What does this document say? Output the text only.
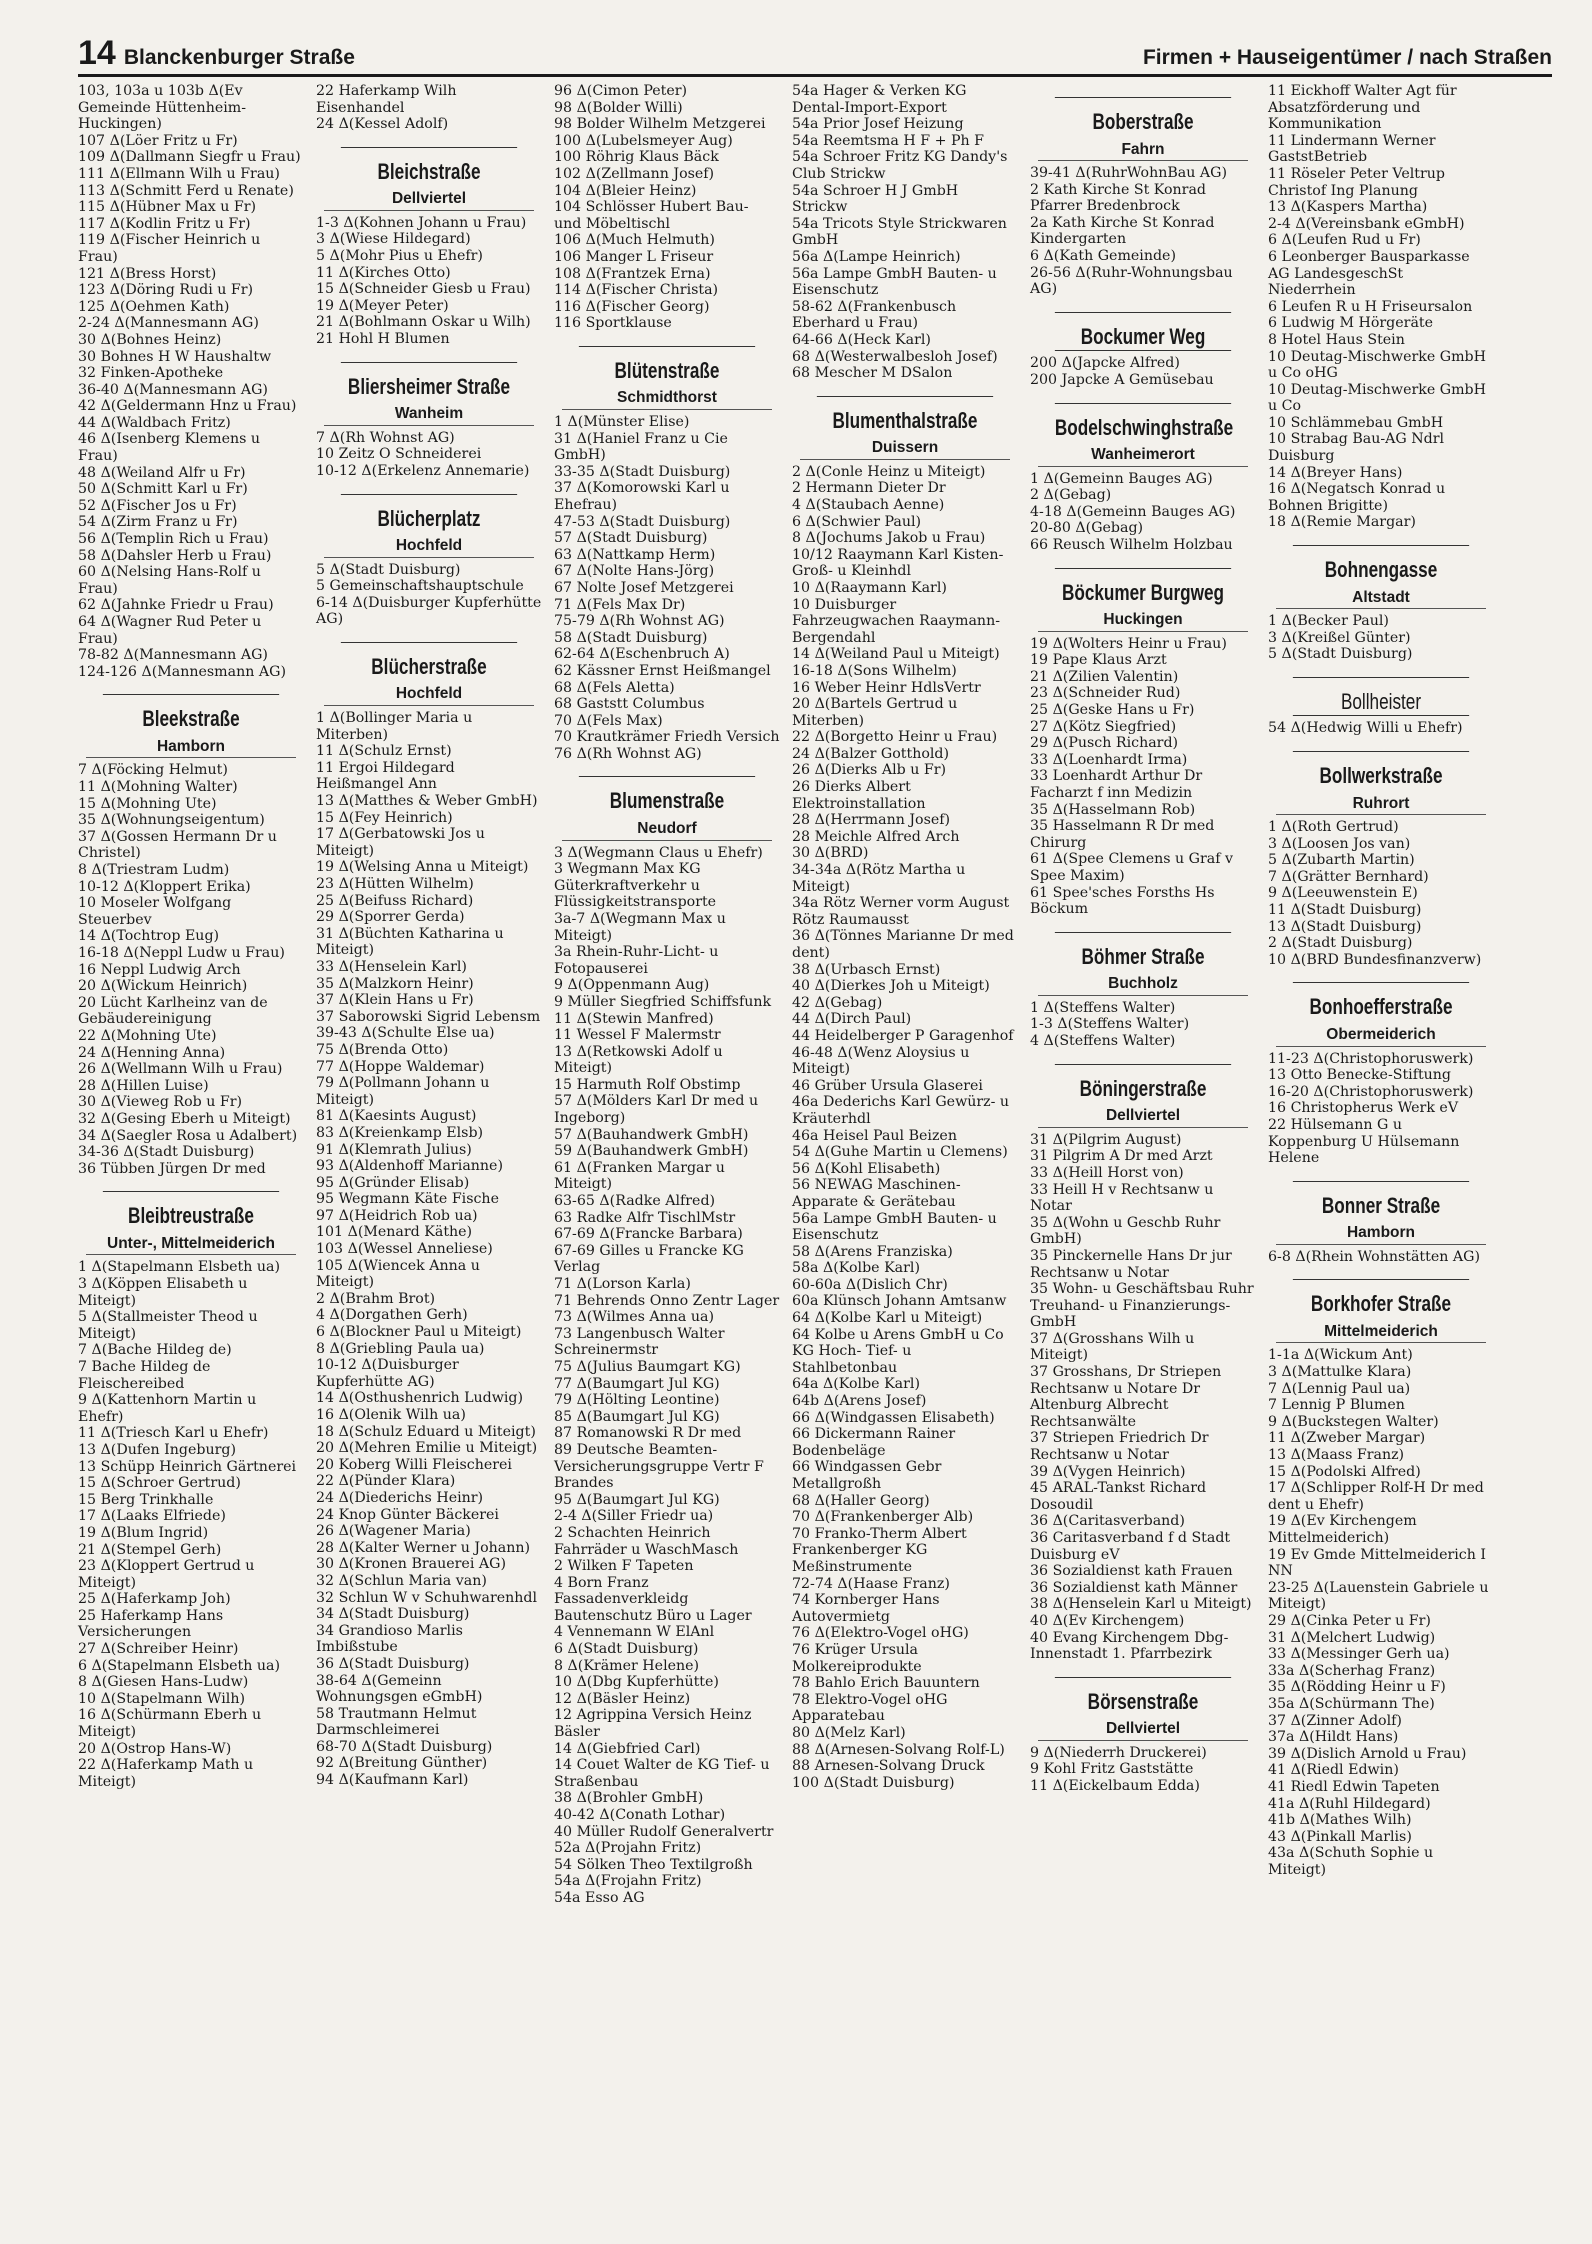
14 Blanckenburger Straße	Firmen + Hauseigentümer / nach Straßen
103, 103a u 103b Δ(Ev Gemeinde Hüttenheim-Huckingen)
107 Δ(Löer Fritz u Fr)
109 Δ(Dallmann Siegfr u Frau)
111 Δ(Ellmann Wilh u Frau)
113 Δ(Schmitt Ferd u Renate)
115 Δ(Hübner Max u Fr)
117 Δ(Kodlin Fritz u Fr)
119 Δ(Fischer Heinrich u Frau)
121 Δ(Bress Horst)
123 Δ(Döring Rudi u Fr)
125 Δ(Oehmen Kath)
2-24 Δ(Mannesmann AG)
30 Δ(Bohnes Heinz)
30 Bohnes H W Haushaltw
32 Finken-Apotheke
36-40 Δ(Mannesmann AG)
42 Δ(Geldermann Hnz u Frau)
44 Δ(Waldbach Fritz)
46 Δ(Isenberg Klemens u Frau)
48 Δ(Weiland Alfr u Fr)
50 Δ(Schmitt Karl u Fr)
52 Δ(Fischer Jos u Fr)
54 Δ(Zirm Franz u Fr)
56 Δ(Templin Rich u Frau)
58 Δ(Dahsler Herb u Frau)
60 Δ(Nelsing Hans-Rolf u Frau)
62 Δ(Jahnke Friedr u Frau)
64 Δ(Wagner Rud Peter u Frau)
78-82 Δ(Mannesmann AG)
124-126 Δ(Mannesmann AG)
Bleekstraße
Hamborn
7 Δ(Föcking Helmut)
11 Δ(Mohning Walter)
15 Δ(Mohning Ute)
35 Δ(Wohnungseigentum)
37 Δ(Gossen Hermann Dr u Christel)
8 Δ(Triestram Ludm)
10-12 Δ(Kloppert Erika)
10 Moseler Wolfgang Steuerbev
14 Δ(Tochtrop Eug)
16-18 Δ(Neppl Ludw u Frau)
16 Neppl Ludwig Arch
20 Δ(Wickum Heinrich)
20 Lücht Karlheinz van de Gebäudereinigung
22 Δ(Mohning Ute)
24 Δ(Henning Anna)
26 Δ(Wellmann Wilh u Frau)
28 Δ(Hillen Luise)
30 Δ(Vieweg Rob u Fr)
32 Δ(Gesing Eberh u Miteigt)
34 Δ(Saegler Rosa u Adalbert)
34-36 Δ(Stadt Duisburg)
36 Tübben Jürgen Dr med
Bleibtreustraße
Unter-, Mittelmeiderich
1 Δ(Stapelmann Elsbeth ua)
3 Δ(Köppen Elisabeth u Miteigt)
5 Δ(Stallmeister Theod u Miteigt)
7 Δ(Bache Hildeg de)
7 Bache Hildeg de Fleischereibed
9 Δ(Kattenhorn Martin u Ehefr)
11 Δ(Triesch Karl u Ehefr)
13 Δ(Dufen Ingeburg)
13 Schüpp Heinrich Gärtnerei
15 Δ(Schroer Gertrud)
15 Berg Trinkhalle
17 Δ(Laaks Elfriede)
19 Δ(Blum Ingrid)
21 Δ(Stempel Gerh)
23 Δ(Kloppert Gertrud u Miteigt)
25 Δ(Haferkamp Joh)
25 Haferkamp Hans Versicherungen
27 Δ(Schreiber Heinr)
6 Δ(Stapelmann Elsbeth ua)
8 Δ(Giesen Hans-Ludw)
10 Δ(Stapelmann Wilh)
16 Δ(Schürmann Eberh u Miteigt)
20 Δ(Ostrop Hans-W)
22 Δ(Haferkamp Math u Miteigt)
22 Haferkamp Wilh Eisenhandel
24 Δ(Kessel Adolf)
Bleichstraße
Dellviertel
1-3 Δ(Kohnen Johann u Frau)
3 Δ(Wiese Hildegard)
5 Δ(Mohr Pius u Ehefr)
11 Δ(Kirches Otto)
15 Δ(Schneider Giesb u Frau)
19 Δ(Meyer Peter)
21 Δ(Bohlmann Oskar u Wilh)
21 Hohl H Blumen
Bliersheimer Straße
Wanheim
7 Δ(Rh Wohnst AG)
10 Zeitz O Schneiderei
10-12 Δ(Erkelenz Annemarie)
Blücherplatz
Hochfeld
5 Δ(Stadt Duisburg)
5 Gemeinschaftshauptschule
6-14 Δ(Duisburger Kupferhütte AG)
Blücherstraße
Hochfeld
1 Δ(Bollinger Maria u Miterben)
11 Δ(Schulz Ernst)
11 Ergoi Hildegard Heißmangel Ann
13 Δ(Matthes & Weber GmbH)
15 Δ(Fey Heinrich)
17 Δ(Gerbatowski Jos u Miteigt)
19 Δ(Welsing Anna u Miteigt)
23 Δ(Hütten Wilhelm)
25 Δ(Beifuss Richard)
29 Δ(Sporrer Gerda)
31 Δ(Büchten Katharina u Miteigt)
33 Δ(Henselein Karl)
35 Δ(Malzkorn Heinr)
37 Δ(Klein Hans u Fr)
37 Saborowski Sigrid Lebensm
39-43 Δ(Schulte Else ua)
75 Δ(Brenda Otto)
77 Δ(Hoppe Waldemar)
79 Δ(Pollmann Johann u Miteigt)
81 Δ(Kaesints August)
83 Δ(Kreienkamp Elsb)
91 Δ(Klemrath Julius)
93 Δ(Aldenhoff Marianne)
95 Δ(Gründer Elisab)
95 Wegmann Käte Fische
97 Δ(Heidrich Rob ua)
101 Δ(Menard Käthe)
103 Δ(Wessel Anneliese)
105 Δ(Wiencek Anna u Miteigt)
2 Δ(Brahm Brot)
4 Δ(Dorgathen Gerh)
6 Δ(Blockner Paul u Miteigt)
8 Δ(Griebling Paula ua)
10-12 Δ(Duisburger Kupferhütte AG)
14 Δ(Osthushenrich Ludwig)
16 Δ(Olenik Wilh ua)
18 Δ(Schulz Eduard u Miteigt)
20 Δ(Mehren Emilie u Miteigt)
20 Koberg Willi Fleischerei
22 Δ(Pünder Klara)
24 Δ(Diederichs Heinr)
24 Knop Günter Bäckerei
26 Δ(Wagener Maria)
28 Δ(Kalter Werner u Johann)
30 Δ(Kronen Brauerei AG)
32 Δ(Schlun Maria van)
32 Schlun W v Schuhwarenhdl
34 Δ(Stadt Duisburg)
34 Grandioso Marlis Imbißstube
36 Δ(Stadt Duisburg)
38-64 Δ(Gemeinn Wohnungsgen eGmbH)
58 Trautmann Helmut Darmschleimerei
68-70 Δ(Stadt Duisburg)
92 Δ(Breitung Günther)
94 Δ(Kaufmann Karl)
96 Δ(Cimon Peter)
98 Δ(Bolder Willi)
98 Bolder Wilhelm Metzgerei
100 Δ(Lubelsmeyer Aug)
100 Röhrig Klaus Bäck
102 Δ(Zellmann Josef)
104 Δ(Bleier Heinz)
104 Schlösser Hubert Bau- und Möbeltischl
106 Δ(Much Helmuth)
106 Manger L Friseur
108 Δ(Frantzek Erna)
114 Δ(Fischer Christa)
116 Δ(Fischer Georg)
116 Sportklause
Blütenstraße
Schmidthorst
1 Δ(Münster Elise)
31 Δ(Haniel Franz u Cie GmbH)
33-35 Δ(Stadt Duisburg)
37 Δ(Komorowski Karl u Ehefrau)
47-53 Δ(Stadt Duisburg)
57 Δ(Stadt Duisburg)
63 Δ(Nattkamp Herm)
67 Δ(Nolte Hans-Jörg)
67 Nolte Josef Metzgerei
71 Δ(Fels Max Dr)
75-79 Δ(Rh Wohnst AG)
58 Δ(Stadt Duisburg)
62-64 Δ(Eschenbruch A)
62 Kässner Ernst Heißmangel
68 Δ(Fels Aletta)
68 Gaststt Columbus
70 Δ(Fels Max)
70 Krautkrämer Friedh Versich
76 Δ(Rh Wohnst AG)
Blumenstraße
Neudorf
3 Δ(Wegmann Claus u Ehefr)
3 Wegmann Max KG Güterkraftverkehr u Flüssigkeitstransporte
3a-7 Δ(Wegmann Max u Miteigt)
3a Rhein-Ruhr-Licht- u Fotopauserei
9 Δ(Oppenmann Aug)
9 Müller Siegfried Schiffsfunk
11 Δ(Stewin Manfred)
11 Wessel F Malermstr
13 Δ(Retkowski Adolf u Miteigt)
15 Harmuth Rolf Obstimp
57 Δ(Mölders Karl Dr med u Ingeborg)
57 Δ(Bauhandwerk GmbH)
59 Δ(Bauhandwerk GmbH)
61 Δ(Franken Margar u Miteigt)
63-65 Δ(Radke Alfred)
63 Radke Alfr TischlMstr
67-69 Δ(Francke Barbara)
67-69 Gilles u Francke KG Verlag
71 Δ(Lorson Karla)
71 Behrends Onno Zentr Lager
73 Δ(Wilmes Anna ua)
73 Langenbusch Walter Schreinermstr
75 Δ(Julius Baumgart KG)
77 Δ(Baumgart Jul KG)
79 Δ(Hölting Leontine)
85 Δ(Baumgart Jul KG)
87 Romanowski R Dr med
89 Deutsche Beamten-Versicherungsgruppe Vertr F Brandes
95 Δ(Baumgart Jul KG)
2-4 Δ(Siller Friedr ua)
2 Schachten Heinrich Fahrräder u WaschMasch
2 Wilken F Tapeten
4 Born Franz Fassadenverkleidg Bautenschutz Büro u Lager
4 Vennemann W ElAnl
6 Δ(Stadt Duisburg)
8 Δ(Krämer Helene)
10 Δ(Dbg Kupferhütte)
12 Δ(Bäsler Heinz)
12 Agrippina Versich Heinz Bäsler
14 Δ(Giebfried Carl)
14 Couet Walter de KG Tief- u Straßenbau
38 Δ(Brohler GmbH)
40-42 Δ(Conath Lothar)
40 Müller Rudolf Generalvertr
52a Δ(Projahn Fritz)
54 Sölken Theo Textilgroßh
54a Δ(Frojahn Fritz)
54a Esso AG
54a Hager & Verken KG Dental-Import-Export
54a Prior Josef Heizung
54a Reemtsma H F + Ph F
54a Schroer Fritz KG Dandy's Club Strickw
54a Schroer H J GmbH Strickw
54a Tricots Style Strickwaren GmbH
56a Δ(Lampe Heinrich)
56a Lampe GmbH Bauten- u Eisenschutz
58-62 Δ(Frankenbusch Eberhard u Frau)
64-66 Δ(Heck Karl)
68 Δ(Westerwalbesloh Josef)
68 Mescher M DSalon
Blumenthalstraße
Duissern
2 Δ(Conle Heinz u Miteigt)
2 Hermann Dieter Dr
4 Δ(Staubach Aenne)
6 Δ(Schwier Paul)
8 Δ(Jochums Jakob u Frau)
10/12 Raaymann Karl Kisten-Groß- u Kleinhdl
10 Δ(Raaymann Karl)
10 Duisburger Fahrzeugwachen Raaymann-Bergendahl
14 Δ(Weiland Paul u Miteigt)
16-18 Δ(Sons Wilhelm)
16 Weber Heinr HdlsVertr
20 Δ(Bartels Gertrud u Miterben)
22 Δ(Borgetto Heinr u Frau)
24 Δ(Balzer Gotthold)
26 Δ(Dierks Alb u Fr)
26 Dierks Albert Elektroinstallation
28 Δ(Herrmann Josef)
28 Meichle Alfred Arch
30 Δ(BRD)
34-34a Δ(Rötz Martha u Miteigt)
34a Rötz Werner vorm August Rötz Raumausst
36 Δ(Tönnes Marianne Dr med dent)
38 Δ(Urbasch Ernst)
40 Δ(Dierkes Joh u Miteigt)
42 Δ(Gebag)
44 Δ(Dirch Paul)
44 Heidelberger P Garagenhof
46-48 Δ(Wenz Aloysius u Miteigt)
46 Grüber Ursula Glaserei
46a Dederichs Karl Gewürz- u Kräuterhdl
46a Heisel Paul Beizen
54 Δ(Guhe Martin u Clemens)
56 Δ(Kohl Elisabeth)
56 NEWAG Maschinen-Apparate & Gerätebau
56a Lampe GmbH Bauten- u Eisenschutz
58 Δ(Arens Franziska)
58a Δ(Kolbe Karl)
60-60a Δ(Dislich Chr)
60a Klünsch Johann Amtsanw
64 Δ(Kolbe Karl u Miteigt)
64 Kolbe u Arens GmbH u Co KG Hoch- Tief- u Stahlbetonbau
64a Δ(Kolbe Karl)
64b Δ(Arens Josef)
66 Δ(Windgassen Elisabeth)
66 Dickermann Rainer Bodenbeläge
66 Windgassen Gebr Metallgroßh
68 Δ(Haller Georg)
70 Δ(Frankenberger Alb)
70 Franko-Therm Albert Frankenberger KG Meßinstrumente
72-74 Δ(Haase Franz)
74 Kornberger Hans Autovermietg
76 Δ(Elektro-Vogel oHG)
76 Krüger Ursula Molkereiprodukte
78 Bahlo Erich Bauuntern
78 Elektro-Vogel oHG Apparatebau
80 Δ(Melz Karl)
88 Δ(Arnesen-Solvang Rolf-L)
88 Arnesen-Solvang Druck
100 Δ(Stadt Duisburg)
Boberstraße
Fahrn
39-41 Δ(RuhrWohnBau AG)
2 Kath Kirche St Konrad Pfarrer Bredenbrock
2a Kath Kirche St Konrad Kindergarten
6 Δ(Kath Gemeinde)
26-56 Δ(Ruhr-Wohnungsbau AG)
Bockumer Weg
200 Δ(Japcke Alfred)
200 Japcke A Gemüsebau
Bodelschwinghstraße
Wanheimerort
1 Δ(Gemeinn Bauges AG)
2 Δ(Gebag)
4-18 Δ(Gemeinn Bauges AG)
20-80 Δ(Gebag)
66 Reusch Wilhelm Holzbau
Böckumer Burgweg
Huckingen
19 Δ(Wolters Heinr u Frau)
19 Pape Klaus Arzt
21 Δ(Zilien Valentin)
23 Δ(Schneider Rud)
25 Δ(Geske Hans u Fr)
27 Δ(Kötz Siegfried)
29 Δ(Pusch Richard)
33 Δ(Loenhardt Irma)
33 Loenhardt Arthur Dr Facharzt f inn Medizin
35 Δ(Hasselmann Rob)
35 Hasselmann R Dr med Chirurg
61 Δ(Spee Clemens u Graf v Spee Maxim)
61 Spee'sches Forsths Hs Böckum
Böhmer Straße
Buchholz
1 Δ(Steffens Walter)
1-3 Δ(Steffens Walter)
4 Δ(Steffens Walter)
Böningerstraße
Dellviertel
31 Δ(Pilgrim August)
31 Pilgrim A Dr med Arzt
33 Δ(Heill Horst von)
33 Heill H v Rechtsanw u Notar
35 Δ(Wohn u Geschb Ruhr GmbH)
35 Pinckernelle Hans Dr jur Rechtsanw u Notar
35 Wohn- u Geschäftsbau Ruhr Treuhand- u Finanzierungs-GmbH
37 Δ(Grosshans Wilh u Miteigt)
37 Grosshans, Dr Striepen Rechtsanw u Notare Dr Altenburg Albrecht Rechtsanwälte
37 Striepen Friedrich Dr Rechtsanw u Notar
39 Δ(Vygen Heinrich)
45 ARAL-Tankst Richard Dosoudil
36 Δ(Caritasverband)
36 Caritasverband f d Stadt Duisburg eV
36 Sozialdienst kath Frauen
36 Sozialdienst kath Männer
38 Δ(Henselein Karl u Miteigt)
40 Δ(Ev Kirchengem)
40 Evang Kirchengem Dbg-Innenstadt 1. Pfarrbezirk
Börsenstraße
Dellviertel
9 Δ(Niederrh Druckerei)
9 Kohl Fritz Gaststätte
11 Δ(Eickelbaum Edda)
11 Eickhoff Walter Agt für Absatzförderung und Kommunikation
11 Lindermann Werner GaststBetrieb
11 Röseler Peter Veltrup Christof Ing Planung
13 Δ(Kaspers Martha)
2-4 Δ(Vereinsbank eGmbH)
6 Δ(Leufen Rud u Fr)
6 Leonberger Bausparkasse AG LandesgeschSt Niederrhein
6 Leufen R u H Friseursalon
6 Ludwig M Hörgeräte
8 Hotel Haus Stein
10 Deutag-Mischwerke GmbH u Co oHG
10 Deutag-Mischwerke GmbH u Co
10 Schlämmebau GmbH
10 Strabag Bau-AG Ndrl Duisburg
14 Δ(Breyer Hans)
16 Δ(Negatsch Konrad u Bohnen Brigitte)
18 Δ(Remie Margar)
Bohnengasse
Altstadt
1 Δ(Becker Paul)
3 Δ(Kreißel Günter)
5 Δ(Stadt Duisburg)
Bollheister
54 Δ(Hedwig Willi u Ehefr)
Bollwerkstraße
Ruhrort
1 Δ(Roth Gertrud)
3 Δ(Loosen Jos van)
5 Δ(Zubarth Martin)
7 Δ(Grätter Bernhard)
9 Δ(Leeuwenstein E)
11 Δ(Stadt Duisburg)
13 Δ(Stadt Duisburg)
2 Δ(Stadt Duisburg)
10 Δ(BRD Bundesfinanzverw)
Bonhoefferstraße
Obermeiderich
11-23 Δ(Christophoruswerk)
13 Otto Benecke-Stiftung
16-20 Δ(Christophoruswerk)
16 Christopherus Werk eV
22 Hülsemann G u Koppenburg U Hülsemann Helene
Bonner Straße
Hamborn
6-8 Δ(Rhein Wohnstätten AG)
Borkhofer Straße
Mittelmeiderich
1-1a Δ(Wickum Ant)
3 Δ(Mattulke Klara)
7 Δ(Lennig Paul ua)
7 Lennig P Blumen
9 Δ(Buckstegen Walter)
11 Δ(Zweber Margar)
13 Δ(Maass Franz)
15 Δ(Podolski Alfred)
17 Δ(Schlipper Rolf-H Dr med dent u Ehefr)
19 Δ(Ev Kirchengem Mittelmeiderich)
19 Ev Gmde Mittelmeiderich I NN
23-25 Δ(Lauenstein Gabriele u Miteigt)
29 Δ(Cinka Peter u Fr)
31 Δ(Melchert Ludwig)
33 Δ(Messinger Gerh ua)
33a Δ(Scherhag Franz)
35 Δ(Rödding Heinr u F)
35a Δ(Schürmann The)
37 Δ(Zinner Adolf)
37a Δ(Hildt Hans)
39 Δ(Dislich Arnold u Frau)
41 Δ(Riedl Edwin)
41 Riedl Edwin Tapeten
41a Δ(Ruhl Hildegard)
41b Δ(Mathes Wilh)
43 Δ(Pinkall Marlis)
43a Δ(Schuth Sophie u Miteigt)
